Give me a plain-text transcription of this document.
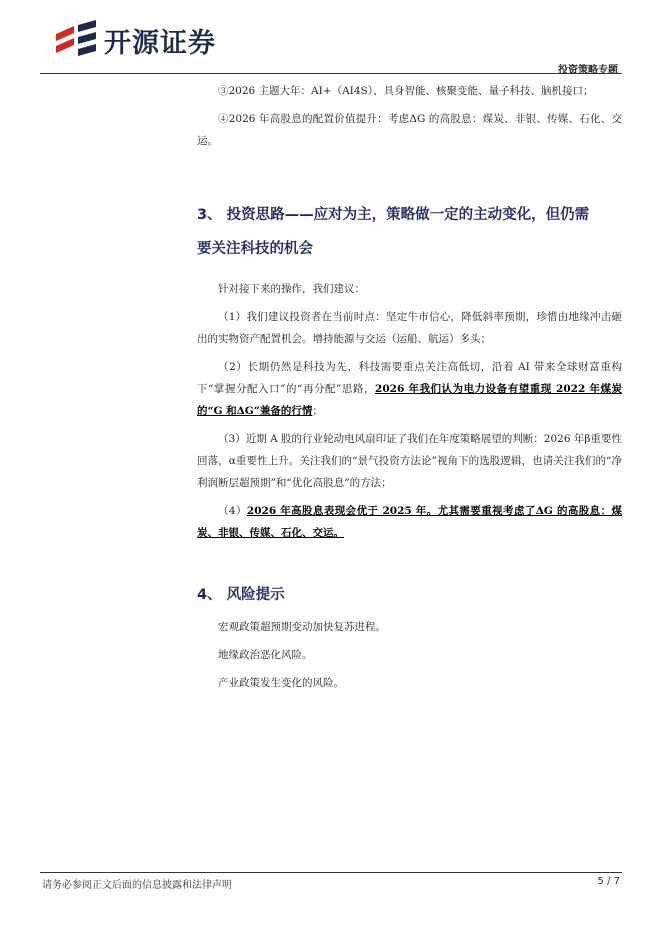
开源证券
投资策略专题

③2026 主题大年：AI+（AI4S）、具身智能、核聚变能、量子科技、脑机接口；

④2026 年高股息的配置价值提升：考虑ΔG 的高股息：煤炭、非银、传媒、石化、交运。

3、 投资思路——应对为主，策略做一定的主动变化，但仍需

要关注科技的机会

针对接下来的操作，我们建议：

（1）我们建议投资者在当前时点：坚定牛市信心，降低斜率预期，珍惜由地缘冲击砸出的实物资产配置机会。增持能源与交运（运船、航运）多头；

（2）长期仍然是科技为先，科技需要重点关注高低切，沿着 AI 带来全球财富重构下“掌握分配入口”的“再分配”思路，2026 年我们认为电力设备有望重现 2022 年煤炭的“G 和ΔG”兼备的行情；

（3）近期 A 股的行业轮动电风扇印证了我们在年度策略展望的判断：2026 年β重要性回落，α重要性上升。关注我们的“景气投资方法论”视角下的选股逻辑，也请关注我们的“净利润断层超预期”和“优化高股息”的方法；

（4）2026 年高股息表现会优于 2025 年。尤其需要重视考虑了ΔG 的高股息：煤炭、非银、传媒、石化、交运。

4、 风险提示

宏观政策超预期变动加快复苏进程。

地缘政治恶化风险。

产业政策发生变化的风险。

请务必参阅正文后面的信息披露和法律声明	5 / 7
